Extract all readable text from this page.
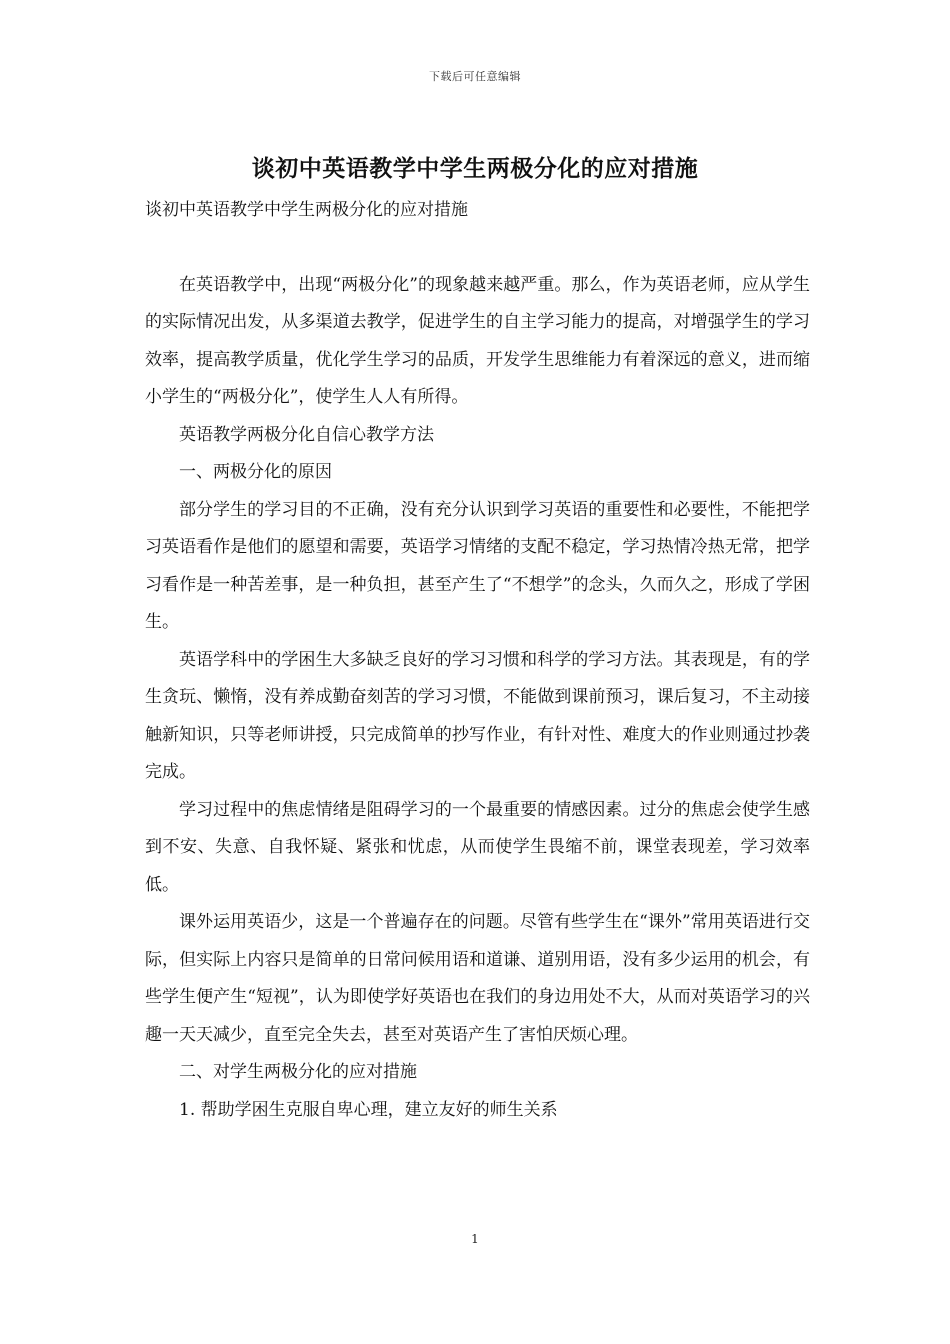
下载后可任意编辑
谈初中英语教学中学生两极分化的应对措施

谈初中英语教学中学生两极分化的应对措施

在英语教学中，出现“两极分化”的现象越来越严重。那么，作为英语老师，应从学生的实际情况出发，从多渠道去教学，促进学生的自主学习能力的提高，对增强学生的学习效率，提高教学质量，优化学生学习的品质，开发学生思维能力有着深远的意义，进而缩小学生的“两极分化”，使学生人人有所得。

英语教学两极分化自信心教学方法

一、两极分化的原因

部分学生的学习目的不正确，没有充分认识到学习英语的重要性和必要性，不能把学习英语看作是他们的愿望和需要，英语学习情绪的支配不稳定，学习热情冷热无常，把学习看作是一种苦差事，是一种负担，甚至产生了“不想学”的念头，久而久之，形成了学困生。

英语学科中的学困生大多缺乏良好的学习习惯和科学的学习方法。其表现是，有的学生贪玩、懒惰，没有养成勤奋刻苦的学习习惯，不能做到课前预习，课后复习，不主动接触新知识，只等老师讲授，只完成简单的抄写作业，有针对性、难度大的作业则通过抄袭完成。

学习过程中的焦虑情绪是阻碍学习的一个最重要的情感因素。过分的焦虑会使学生感到不安、失意、自我怀疑、紧张和忧虑，从而使学生畏缩不前，课堂表现差，学习效率低。

课外运用英语少，这是一个普遍存在的问题。尽管有些学生在“课外”常用英语进行交际，但实际上内容只是简单的日常问候用语和道谦、道别用语，没有多少运用的机会，有些学生便产生“短视”，认为即使学好英语也在我们的身边用处不大，从而对英语学习的兴趣一天天减少，直至完全失去，甚至对英语产生了害怕厌烦心理。

二、对学生两极分化的应对措施

1. 帮助学困生克服自卑心理，建立友好的师生关系

1
